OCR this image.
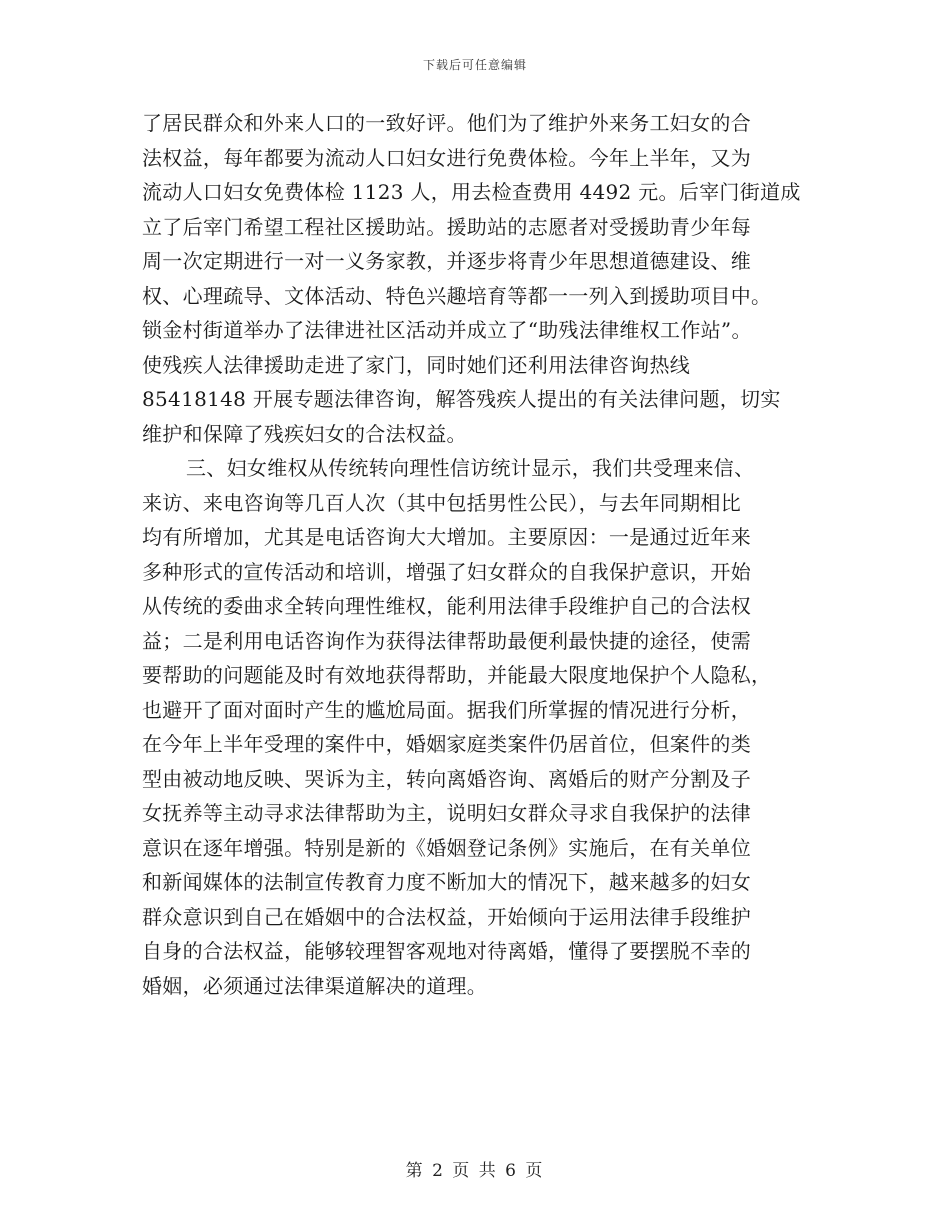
下载后可任意编辑
了居民群众和外来人口的一致好评。他们为了维护外来务工妇女的合
法权益，每年都要为流动人口妇女进行免费体检。今年上半年，又为
流动人口妇女免费体检 1123 人，用去检查费用 4492 元。后宰门街道成
立了后宰门希望工程社区援助站。援助站的志愿者对受援助青少年每
周一次定期进行一对一义务家教，并逐步将青少年思想道德建设、维
权、心理疏导、文体活动、特色兴趣培育等都一一列入到援助项目中。
锁金村街道举办了法律进社区活动并成立了“助残法律维权工作站”。
使残疾人法律援助走进了家门，同时她们还利用法律咨询热线
85418148 开展专题法律咨询，解答残疾人提出的有关法律问题，切实
维护和保障了残疾妇女的合法权益。
三、妇女维权从传统转向理性信访统计显示，我们共受理来信、
来访、来电咨询等几百人次（其中包括男性公民），与去年同期相比
均有所增加，尤其是电话咨询大大增加。主要原因：一是通过近年来
多种形式的宣传活动和培训，增强了妇女群众的自我保护意识，开始
从传统的委曲求全转向理性维权，能利用法律手段维护自己的合法权
益；二是利用电话咨询作为获得法律帮助最便利最快捷的途径，使需
要帮助的问题能及时有效地获得帮助，并能最大限度地保护个人隐私，
也避开了面对面时产生的尴尬局面。据我们所掌握的情况进行分析，
在今年上半年受理的案件中，婚姻家庭类案件仍居首位，但案件的类
型由被动地反映、哭诉为主，转向离婚咨询、离婚后的财产分割及子
女抚养等主动寻求法律帮助为主，说明妇女群众寻求自我保护的法律
意识在逐年增强。特别是新的《婚姻登记条例》实施后，在有关单位
和新闻媒体的法制宣传教育力度不断加大的情况下，越来越多的妇女
群众意识到自己在婚姻中的合法权益，开始倾向于运用法律手段维护
自身的合法权益，能够较理智客观地对待离婚，懂得了要摆脱不幸的
婚姻，必须通过法律渠道解决的道理。
第 2 页 共 6 页
